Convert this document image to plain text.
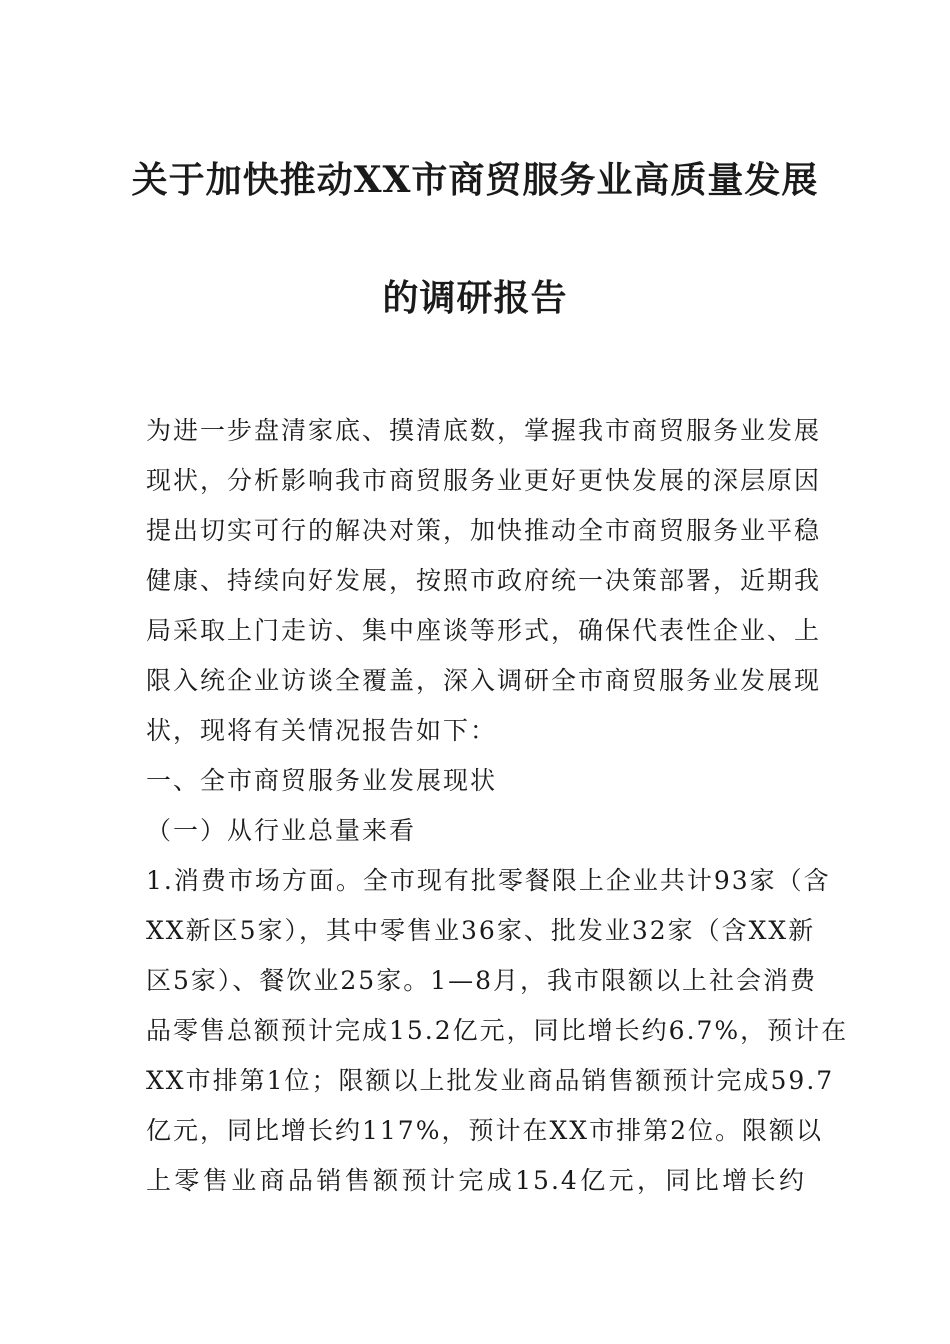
关于加快推动XX市商贸服务业高质量发展
的调研报告
为进一步盘清家底、摸清底数，掌握我市商贸服务业发展
现状，分析影响我市商贸服务业更好更快发展的深层原因
提出切实可行的解决对策，加快推动全市商贸服务业平稳
健康、持续向好发展，按照市政府统一决策部署，近期我
局采取上门走访、集中座谈等形式，确保代表性企业、上
限入统企业访谈全覆盖，深入调研全市商贸服务业发展现
状，现将有关情况报告如下：
一、全市商贸服务业发展现状
（一）从行业总量来看
1.消费市场方面。全市现有批零餐限上企业共计93家（含
XX新区5家），其中零售业36家、批发业32家（含XX新
区5家）、餐饮业25家。1—8月，我市限额以上社会消费
品零售总额预计完成15.2亿元，同比增长约6.7%，预计在
XX市排第1位；限额以上批发业商品销售额预计完成59.7
亿元，同比增长约117%，预计在XX市排第2位。限额以
上零售业商品销售额预计完成15.4亿元，同比增长约
